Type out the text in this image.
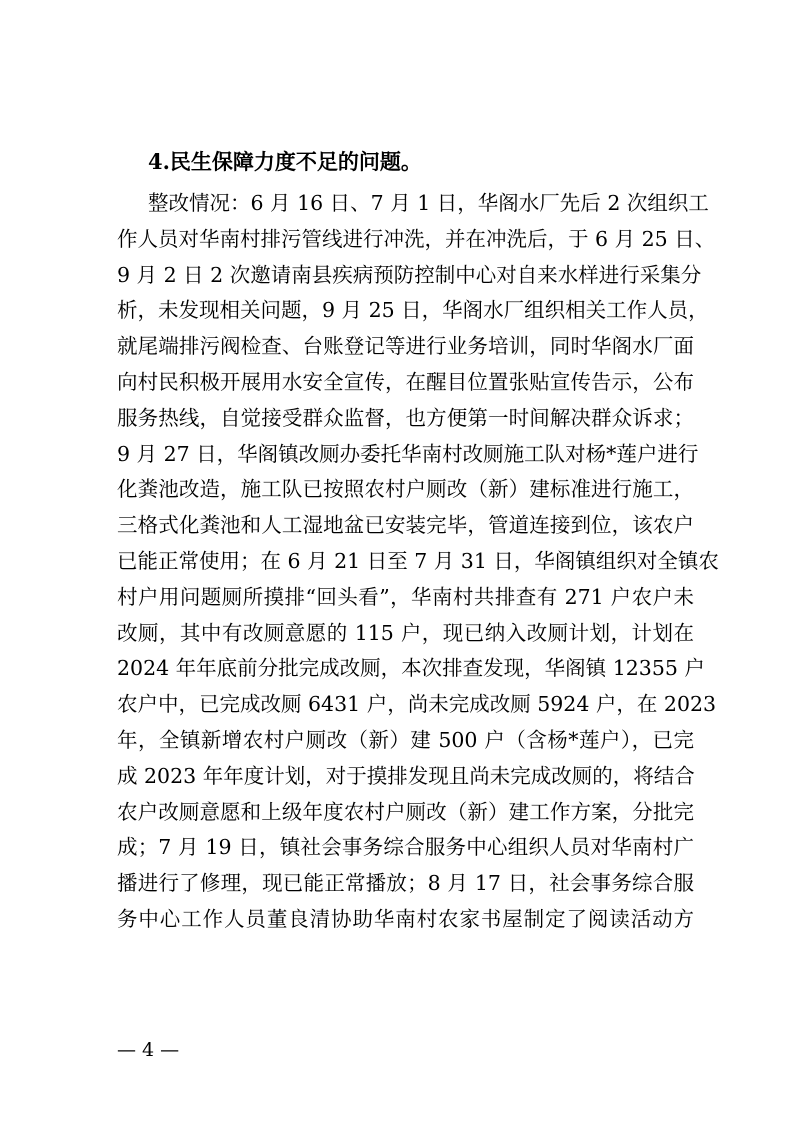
4.民生保障力度不足的问题。
整改情况：6 月 16 日、7 月 1 日，华阁水厂先后 2 次组织工
作人员对华南村排污管线进行冲洗，并在冲洗后，于 6 月 25 日、
9 月 2 日 2 次邀请南县疾病预防控制中心对自来水样进行采集分
析，未发现相关问题，9 月 25 日，华阁水厂组织相关工作人员，
就尾端排污阀检查、台账登记等进行业务培训，同时华阁水厂面
向村民积极开展用水安全宣传，在醒目位置张贴宣传告示，公布
服务热线，自觉接受群众监督，也方便第一时间解决群众诉求；
9 月 27 日，华阁镇改厕办委托华南村改厕施工队对杨*莲户进行
化粪池改造，施工队已按照农村户厕改（新）建标准进行施工，
三格式化粪池和人工湿地盆已安装完毕，管道连接到位，该农户
已能正常使用；在 6 月 21 日至 7 月 31 日，华阁镇组织对全镇农
村户用问题厕所摸排“回头看”，华南村共排查有 271 户农户未
改厕，其中有改厕意愿的 115 户，现已纳入改厕计划，计划在
2024 年年底前分批完成改厕，本次排查发现，华阁镇 12355 户
农户中，已完成改厕 6431 户，尚未完成改厕 5924 户，在 2023
年，全镇新增农村户厕改（新）建 500 户（含杨*莲户），已完
成 2023 年年度计划，对于摸排发现且尚未完成改厕的，将结合
农户改厕意愿和上级年度农村户厕改（新）建工作方案，分批完
成；7 月 19 日，镇社会事务综合服务中心组织人员对华南村广
播进行了修理，现已能正常播放；8 月 17 日，社会事务综合服
务中心工作人员董良清协助华南村农家书屋制定了阅读活动方
— 4 —
